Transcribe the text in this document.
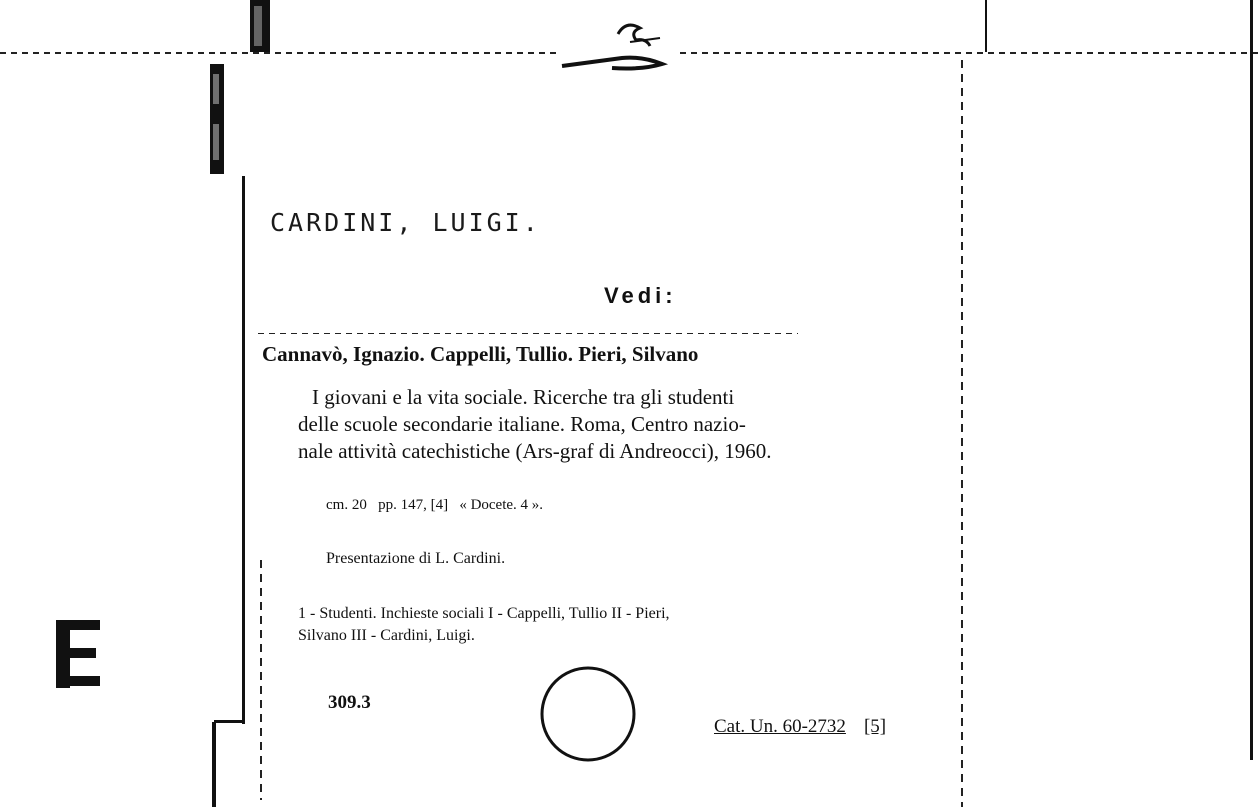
CARDINI, LUIGI.
Vedi:
Cannavò, Ignazio. Cappelli, Tullio. Pieri, Silvano
I giovani e la vita sociale. Ricerche tra gli studenti
delle scuole secondarie italiane. Roma, Centro nazio-
nale attività catechistiche (Ars-graf di Andreocci), 1960.
cm. 20   pp. 147, [4]   « Docete. 4 ».
Presentazione di L. Cardini.
1 - Studenti. Inchieste sociali I - Cappelli, Tullio II - Pieri,
Silvano III - Cardini, Luigi.
309.3
Cat. Un. 60-2732 [5]
